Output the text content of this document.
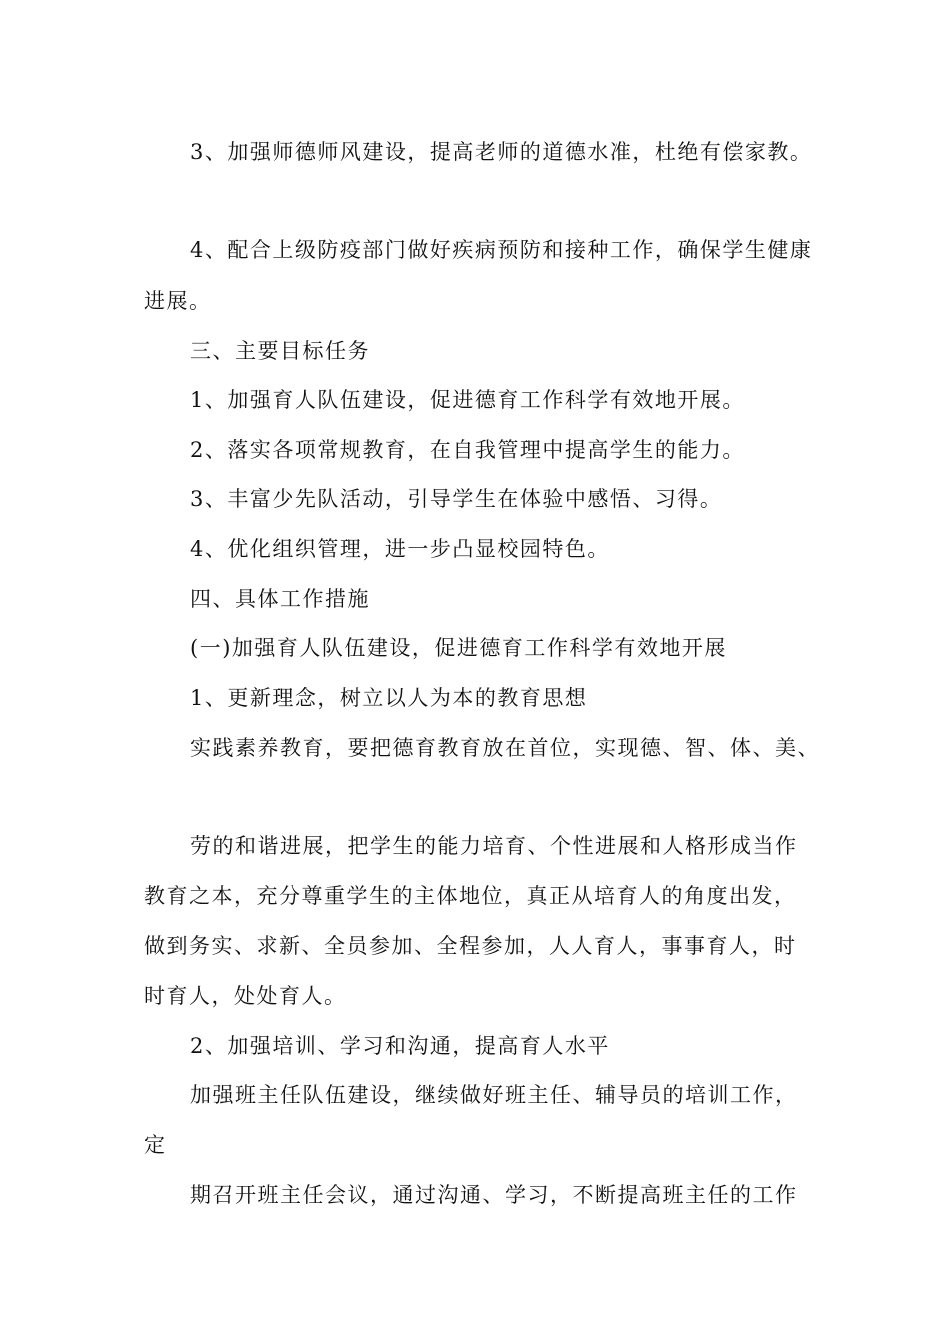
3、加强师德师风建设，提高老师的道德水准，杜绝有偿家教。
4、配合上级防疫部门做好疾病预防和接种工作，确保学生健康
进展。
三、主要目标任务
1、加强育人队伍建设，促进德育工作科学有效地开展。
2、落实各项常规教育，在自我管理中提高学生的能力。
3、丰富少先队活动，引导学生在体验中感悟、习得。
4、优化组织管理，进一步凸显校园特色。
四、具体工作措施
(一)加强育人队伍建设，促进德育工作科学有效地开展
1、更新理念，树立以人为本的教育思想
实践素养教育，要把德育教育放在首位，实现德、智、体、美、
劳的和谐进展，把学生的能力培育、个性进展和人格形成当作
教育之本，充分尊重学生的主体地位，真正从培育人的角度出发，
做到务实、求新、全员参加、全程参加，人人育人，事事育人，时
时育人，处处育人。
2、加强培训、学习和沟通，提高育人水平
加强班主任队伍建设，继续做好班主任、辅导员的培训工作，
定
期召开班主任会议，通过沟通、学习，不断提高班主任的工作
